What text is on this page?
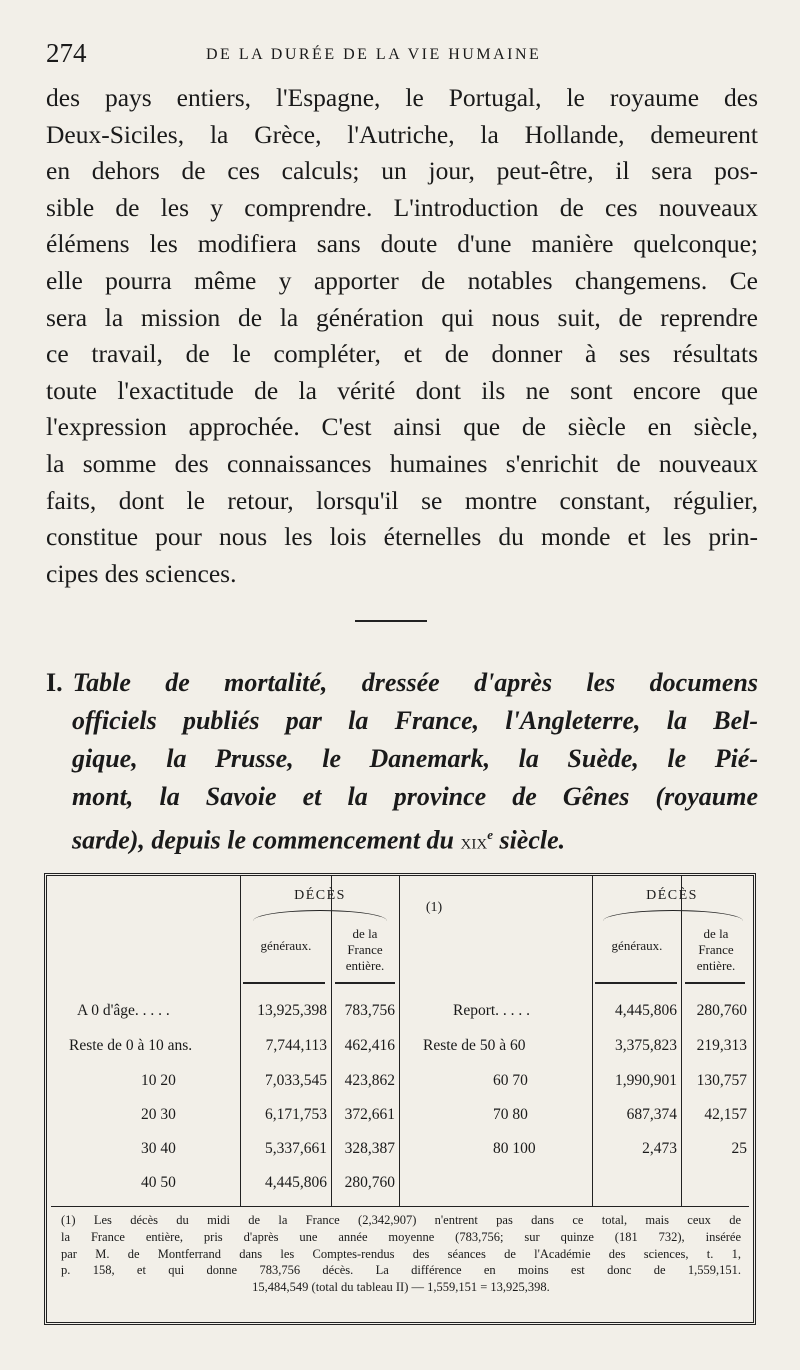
274	DE LA DURÉE DE LA VIE HUMAINE
des pays entiers, l'Espagne, le Portugal, le royaume des
Deux-Siciles, la Grèce, l'Autriche, la Hollande, demeurent
en dehors de ces calculs; un jour, peut-être, il sera pos-
sible de les y comprendre. L'introduction de ces nouveaux
élémens les modifiera sans doute d'une manière quelconque;
elle pourra même y apporter de notables changemens. Ce
sera la mission de la génération qui nous suit, de reprendre
ce travail, de le compléter, et de donner à ses résultats
toute l'exactitude de la vérité dont ils ne sont encore que
l'expression approchée. C'est ainsi que de siècle en siècle,
la somme des connaissances humaines s'enrichit de nouveaux
faits, dont le retour, lorsqu'il se montre constant, régulier,
constitue pour nous les lois éternelles du monde et les prin-
cipes des sciences.
I. Table de mortalité, dressée d'après les documens
officiels publiés par la France, l'Angleterre, la Bel-
gique, la Prusse, le Danemark, la Suède, le Pié-
mont, la Savoie et la province de Gênes (royaume
sarde), depuis le commencement du xix$^e$ siècle.
DÉCÈS
généraux.
de la
France
entière.
(1)
DÉCÈS
généraux.
de la
France
entière.
A 0 d'âge. . . . .	13,925,398	783,756
Reste de 0 à 10 ans.	7,744,113	462,416
10 20	7,033,545	423,862
20 30	6,171,753	372,661
30 40	5,337,661	328,387
40 50	4,445,806	280,760
Report. . . . .	4,445,806	280,760
Reste de 50 à 60	3,375,823	219,313
60 70	1,990,901	130,757
70 80	687,374	42,157
80 100	2,473	25
(1) Les décès du midi de la France (2,342,907) n'entrent pas dans ce total, mais ceux de
la France entière, pris d'après une année moyenne (783,756; sur quinze (181 732), insérée
par M. de Montferrand dans les Comptes-rendus des séances de l'Académie des sciences, t. 1,
p. 158, et qui donne 783,756 décès. La différence en moins est donc de 1,559,151.
15,484,549 (total du tableau II) — 1,559,151 = 13,925,398.
